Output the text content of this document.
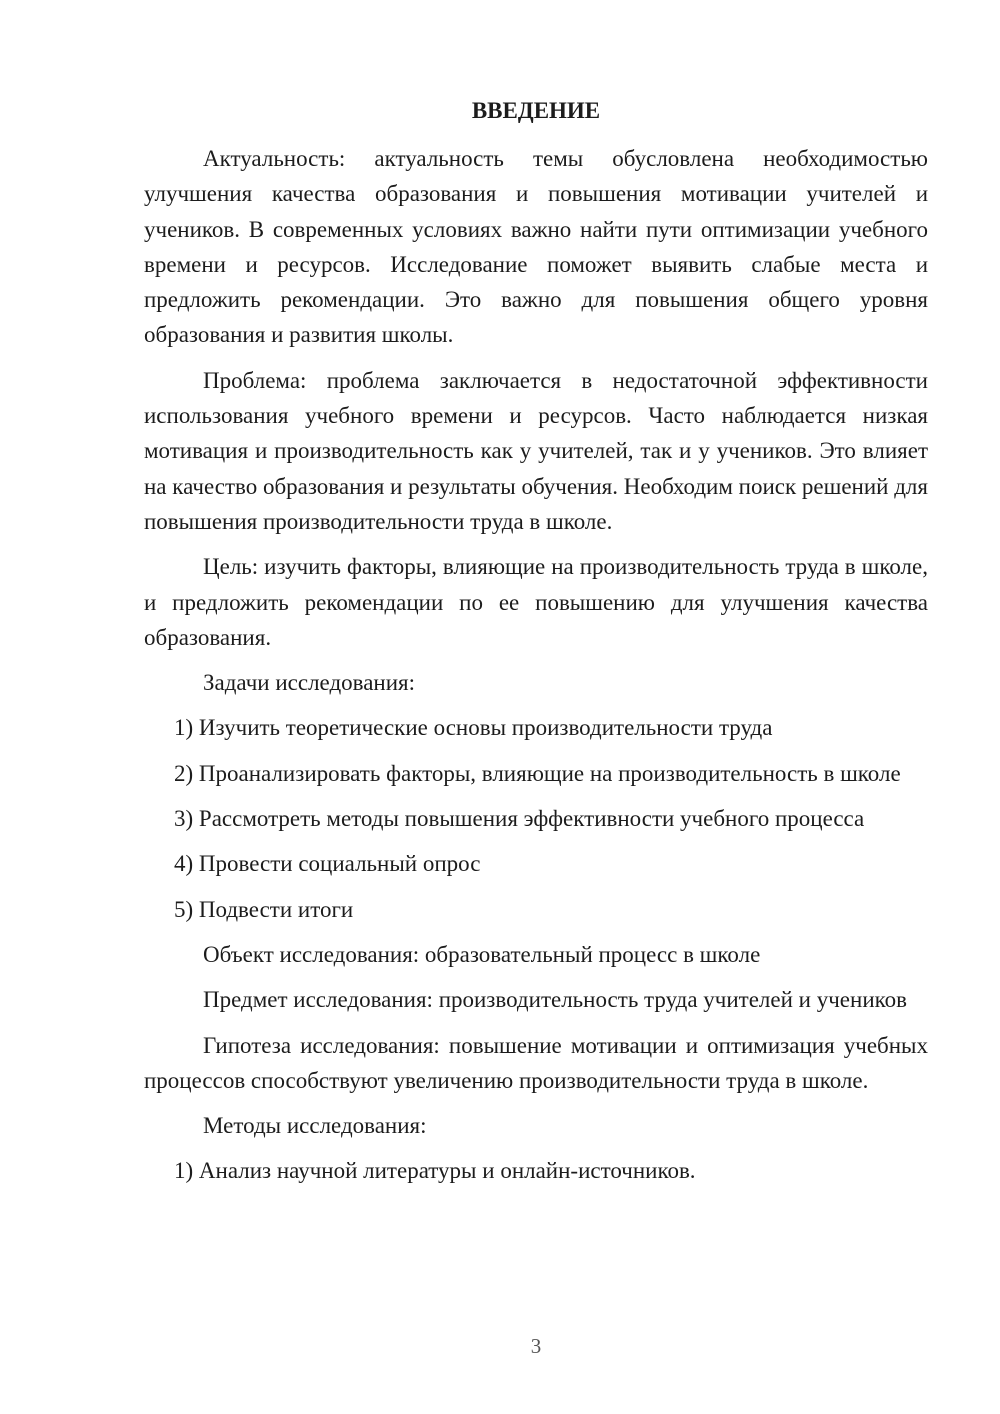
ВВЕДЕНИЕ

Актуальность: актуальность темы обусловлена необходимостью улучшения качества образования и повышения мотивации учителей и учеников. В современных условиях важно найти пути оптимизации учебного времени и ресурсов. Исследование поможет выявить слабые места и предложить рекомендации. Это важно для повышения общего уровня образования и развития школы.

Проблема: проблема заключается в недостаточной эффективности использования учебного времени и ресурсов. Часто наблюдается низкая мотивация и производительность как у учителей, так и у учеников. Это влияет на качество образования и результаты обучения. Необходим поиск решений для повышения производительности труда в школе.

Цель: изучить факторы, влияющие на производительность труда в школе, и предложить рекомендации по ее повышению для улучшения качества образования.

Задачи исследования:

1) Изучить теоретические основы производительности труда

2) Проанализировать факторы, влияющие на производительность в школе

3) Рассмотреть методы повышения эффективности учебного процесса

4) Провести социальный опрос

5) Подвести итоги

Объект исследования: образовательный процесс в школе

Предмет исследования: производительность труда учителей и учеников

Гипотеза исследования: повышение мотивации и оптимизация учебных процессов способствуют увеличению производительности труда в школе.

Методы исследования:

1) Анализ научной литературы и онлайн-источников.

3
